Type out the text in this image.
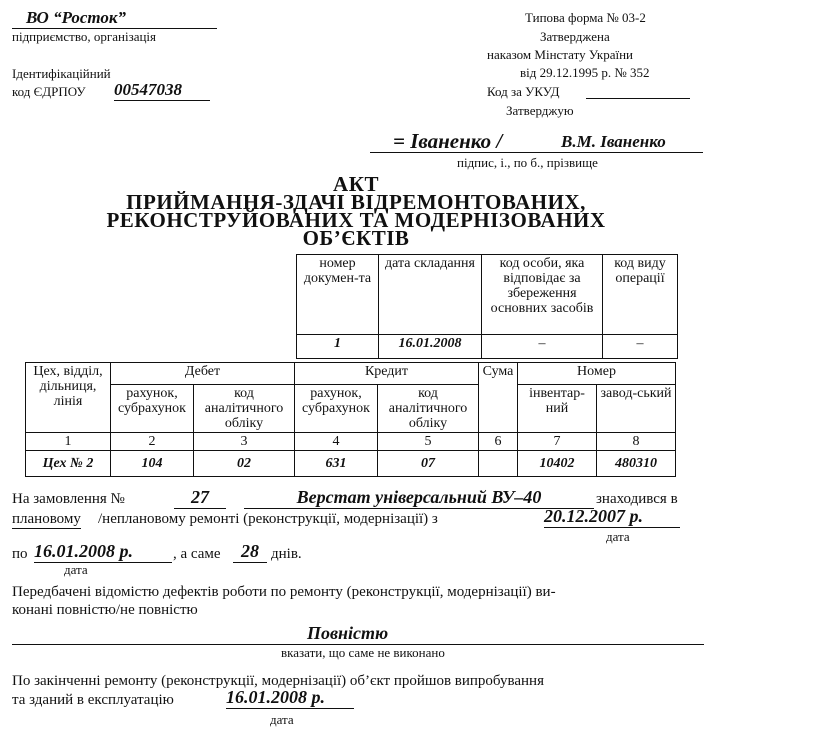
ВО “Росток”
підприємство, організація
Ідентифікаційний
код ЄДРПОУ 00547038
Типова форма № 03-2
Затверджена
наказом Мінстату України
від 29.12.1995 р. № 352
Код за УКУД
Затверджую
= Іваненко /	В.М. Іваненко
підпис, і., по б., прізвище
АКТ
ПРИЙМАННЯ-ЗДАЧІ ВІДРЕМОНТОВАНИХ,
РЕКОНСТРУЙОВАНИХ ТА МОДЕРНІЗОВАНИХ
ОБ’ЄКТІВ
номер докумен-та	дата складання	код особи, яка відповідає за збереження основних засобів	код виду операції
1	16.01.2008	–	–
Цех, відділ, дільниця, лінія	Дебет		Кредит		Сума	Номер	
	рахунок, субрахунок	код аналітичного обліку	рахунок, субрахунок	код аналітичного обліку		інвентар-ний	завод-ський
1	2	3	4	5	6	7	8
Цех № 2	104	02	631	07		10402	480310
На замовлення №	27	Верстат універсальний ВУ–40	знаходився в
плановому /неплановому ремонті (реконструкції, модернізації) з	20.12.2007 р.
дата
по 16.01.2008 р.	, а саме	28 днів.
дата
Передбачені відомістю дефектів роботи по ремонту (реконструкції, модернізації) ви-
конані повністю/не повністю
Повністю
вказати, що саме не виконано
По закінченні ремонту (реконструкції, модернізації) об’єкт пройшов випробування
та зданий в експлуатацію	16.01.2008 р.
дата
